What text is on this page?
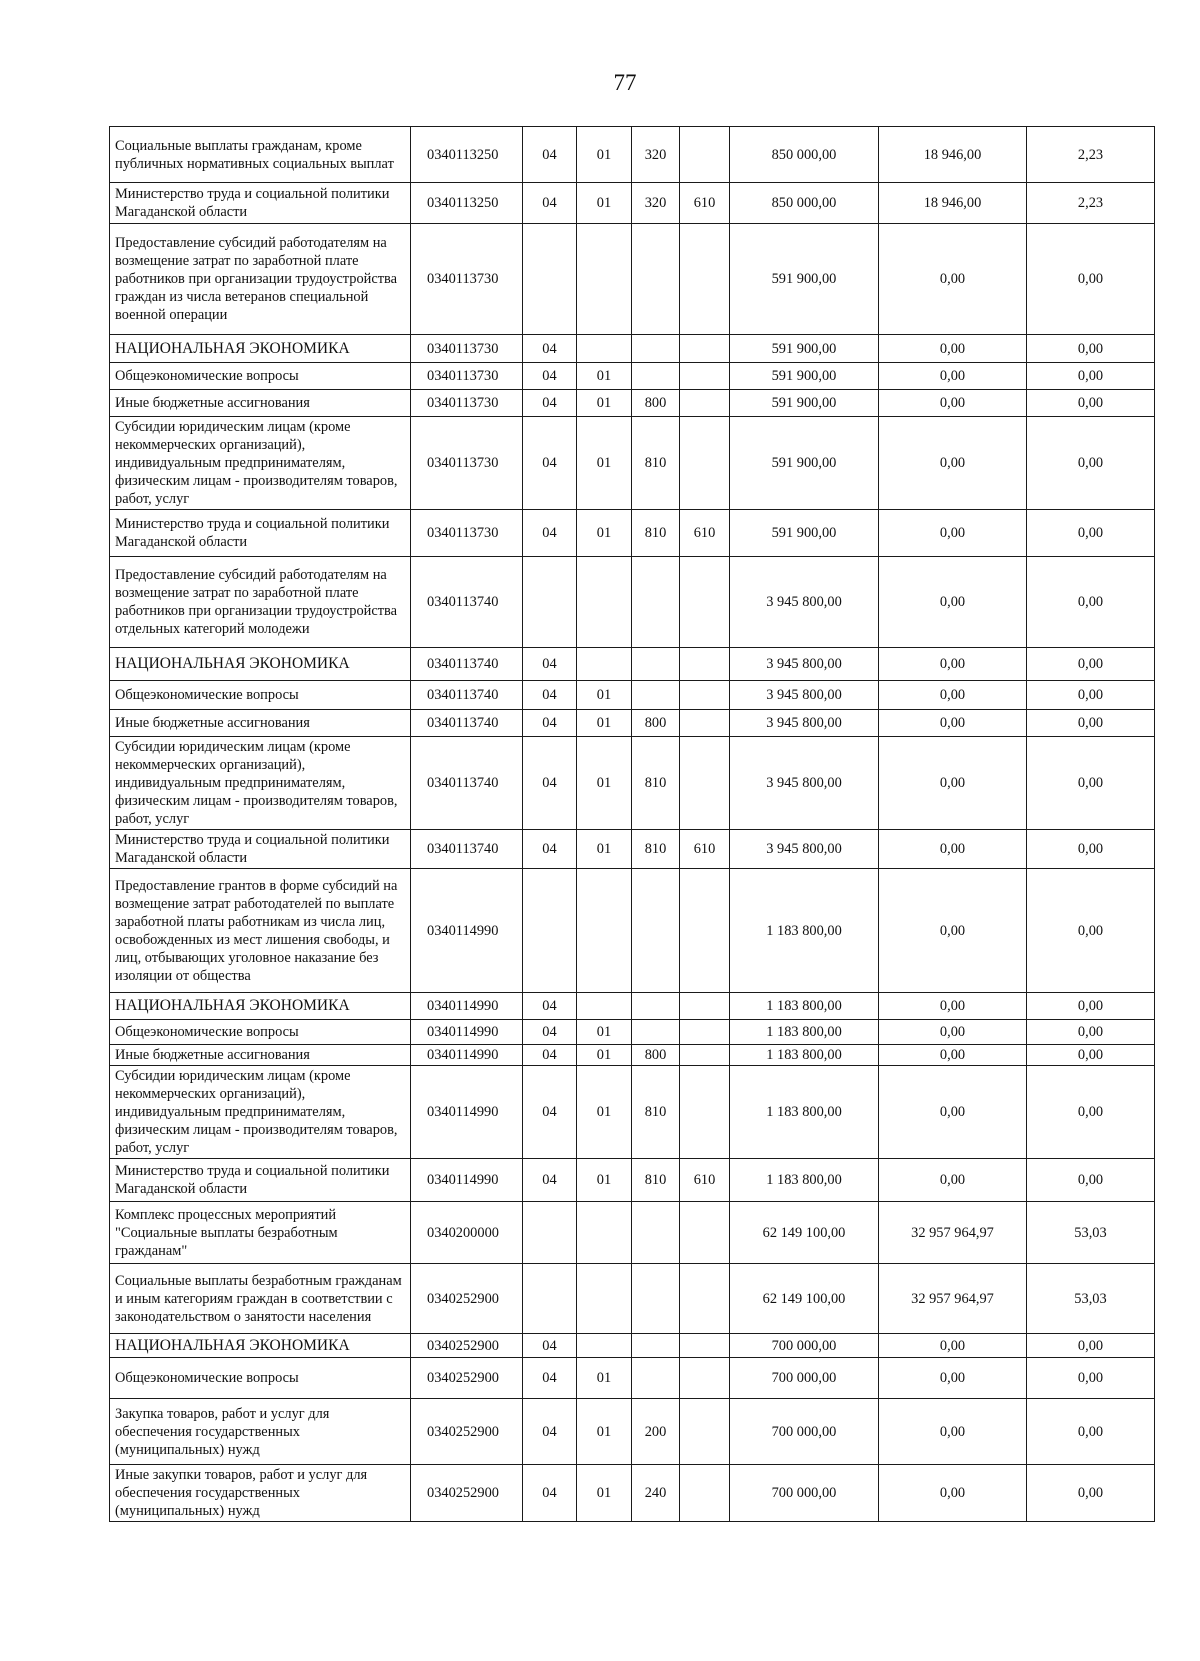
77
Социальные выплаты гражданам, кроме публичных нормативных социальных выплат	0340113250	04	01	320		850 000,00	18 946,00	2,23
Министерство труда и социальной политики Магаданской области	0340113250	04	01	320	610	850 000,00	18 946,00	2,23
Предоставление субсидий работодателям на возмещение затрат по заработной плате работников при организации трудоустройства граждан из числа ветеранов специальной военной операции	0340113730					591 900,00	0,00	0,00
НАЦИОНАЛЬНАЯ ЭКОНОМИКА	0340113730	04				591 900,00	0,00	0,00
Общеэкономические вопросы	0340113730	04	01			591 900,00	0,00	0,00
Иные бюджетные ассигнования	0340113730	04	01	800		591 900,00	0,00	0,00
Субсидии юридическим лицам (кроме некоммерческих организаций), индивидуальным предпринимателям, физическим лицам - производителям товаров, работ, услуг	0340113730	04	01	810		591 900,00	0,00	0,00
Министерство труда и социальной политики Магаданской области	0340113730	04	01	810	610	591 900,00	0,00	0,00
Предоставление субсидий работодателям на возмещение затрат по заработной плате работников при организации трудоустройства отдельных категорий молодежи	0340113740					3 945 800,00	0,00	0,00
НАЦИОНАЛЬНАЯ ЭКОНОМИКА	0340113740	04				3 945 800,00	0,00	0,00
Общеэкономические вопросы	0340113740	04	01			3 945 800,00	0,00	0,00
Иные бюджетные ассигнования	0340113740	04	01	800		3 945 800,00	0,00	0,00
Субсидии юридическим лицам (кроме некоммерческих организаций), индивидуальным предпринимателям, физическим лицам - производителям товаров, работ, услуг	0340113740	04	01	810		3 945 800,00	0,00	0,00
Министерство труда и социальной политики Магаданской области	0340113740	04	01	810	610	3 945 800,00	0,00	0,00
Предоставление грантов в форме субсидий на возмещение затрат работодателей по выплате заработной платы работникам из числа лиц, освобожденных из мест лишения свободы, и лиц, отбывающих уголовное наказание без изоляции от общества	0340114990					1 183 800,00	0,00	0,00
НАЦИОНАЛЬНАЯ ЭКОНОМИКА	0340114990	04				1 183 800,00	0,00	0,00
Общеэкономические вопросы	0340114990	04	01			1 183 800,00	0,00	0,00
Иные бюджетные ассигнования	0340114990	04	01	800		1 183 800,00	0,00	0,00
Субсидии юридическим лицам (кроме некоммерческих организаций), индивидуальным предпринимателям, физическим лицам - производителям товаров, работ, услуг	0340114990	04	01	810		1 183 800,00	0,00	0,00
Министерство труда и социальной политики Магаданской области	0340114990	04	01	810	610	1 183 800,00	0,00	0,00
Комплекс процессных мероприятий "Социальные выплаты безработным гражданам"	0340200000					62 149 100,00	32 957 964,97	53,03
Социальные выплаты безработным гражданам и иным категориям граждан в соответствии с законодательством о занятости населения	0340252900					62 149 100,00	32 957 964,97	53,03
НАЦИОНАЛЬНАЯ ЭКОНОМИКА	0340252900	04				700 000,00	0,00	0,00
Общеэкономические вопросы	0340252900	04	01			700 000,00	0,00	0,00
Закупка товаров, работ и услуг для обеспечения государственных (муниципальных) нужд	0340252900	04	01	200		700 000,00	0,00	0,00
Иные закупки товаров, работ и услуг для обеспечения государственных (муниципальных) нужд	0340252900	04	01	240		700 000,00	0,00	0,00
